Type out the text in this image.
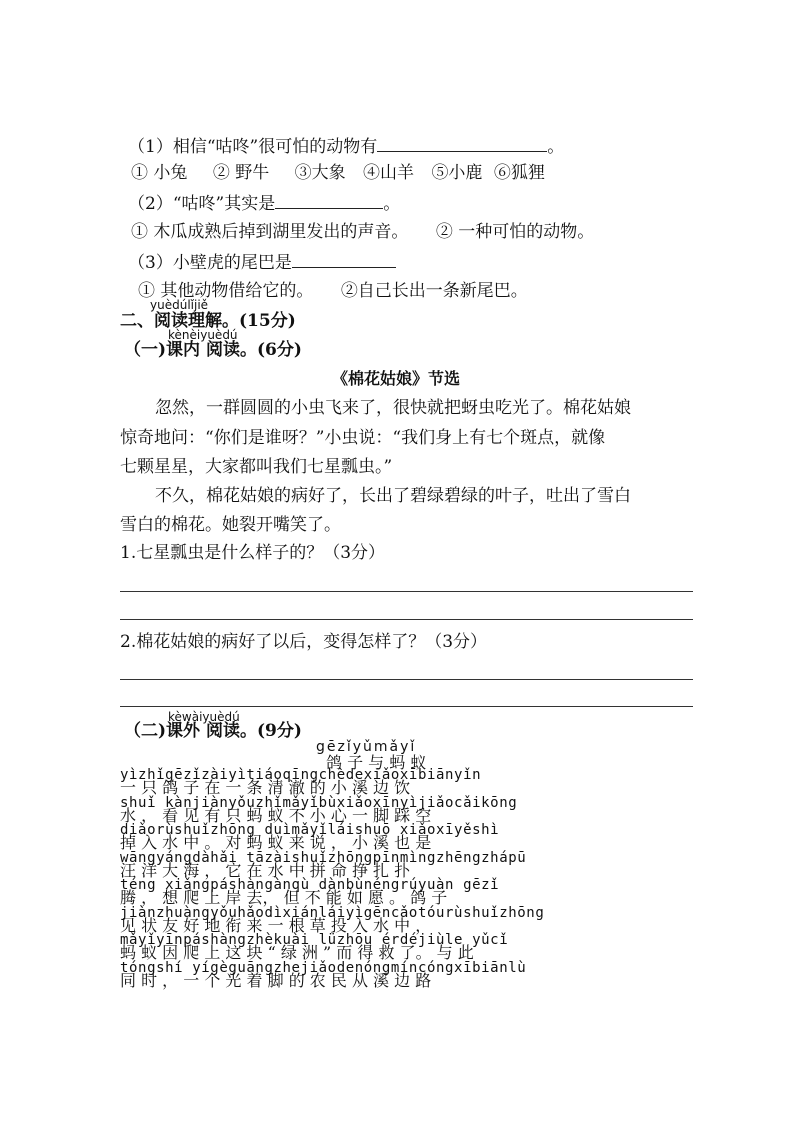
（1）相信“咕咚”很可怕的动物有	。
① 小兔 ② 野牛 ③大象 ④山羊 ⑤小鹿 ⑥狐狸
（2）“咕咚”其实是	。
① 木瓜成熟后掉到湖里发出的声音。 ② 一种可怕的动物。
（3）小壁虎的尾巴是
① 其他动物借给它的。 ②自己长出一条新尾巴。
yuèdúlǐjiě
二、阅读理解。(15分)
kènèiyuèdú
（一)课内 阅读。(6分)
《棉花姑娘》节选
忽然，一群圆圆的小虫飞来了，很快就把蚜虫吃光了。棉花姑娘
惊奇地问：“你们是谁呀？”小虫说：“我们身上有七个斑点，就像
七颗星星，大家都叫我们七星瓢虫。”
不久，棉花姑娘的病好了，长出了碧绿碧绿的叶子，吐出了雪白
雪白的棉花。她裂开嘴笑了。
1.七星瓢虫是什么样子的？（3分）
2.棉花姑娘的病好了以后，变得怎样了？（3分）
kèwàiyuèdú
（二)课外 阅读。(9分)
gēzǐyǔmǎyǐ
鸽 子 与 蚂 蚁
yìzhǐgēzǐzàiyìtiáoqīngchèdexiǎoxībiānyǐn
一 只 鸽 子 在 一 条 清 澈 的 小 溪 边 饮
shuǐ kànjiànyǒuzhǐmǎyǐbùxiǎoxīnyìjiǎocǎikōng
水 ， 看 见 有 只 蚂 蚁 不 小 心 一 脚 踩 空
diàorùshuǐzhōng duìmǎyǐláishuō xiǎoxīyěshì
掉 入 水 中 。 对 蚂 蚁 来 说 ， 小 溪 也 是
wāngyángdàhǎi tāzàishuǐzhōngpīnmìngzhēngzhápū
汪 洋 大 海 ， 它 在 水 中 拼 命 挣 扎 扑
téng xiǎngpáshàngànqù dànbùnéngrúyuàn gēzǐ
腾 ， 想 爬 上 岸 去， 但 不 能 如 愿 。 鸽 子
jiànzhuàngyǒuhǎodìxiánláiyìgēncǎotóurùshuǐzhōng
见 状 友 好 地 衔 来 一 根 草 投 入 水 中 ，
mǎyǐyīnpáshàngzhèkuài lǜzhōu érdéjiùle yǔcǐ
蚂 蚁 因 爬 上 这 块 “ 绿 洲 ” 而 得 救 了。 与 此
tóngshí yígèguāngzhejiǎodenóngmíncóngxībiānlù
同 时 ， 一 个 光 着 脚 的 农 民 从 溪 边 路
